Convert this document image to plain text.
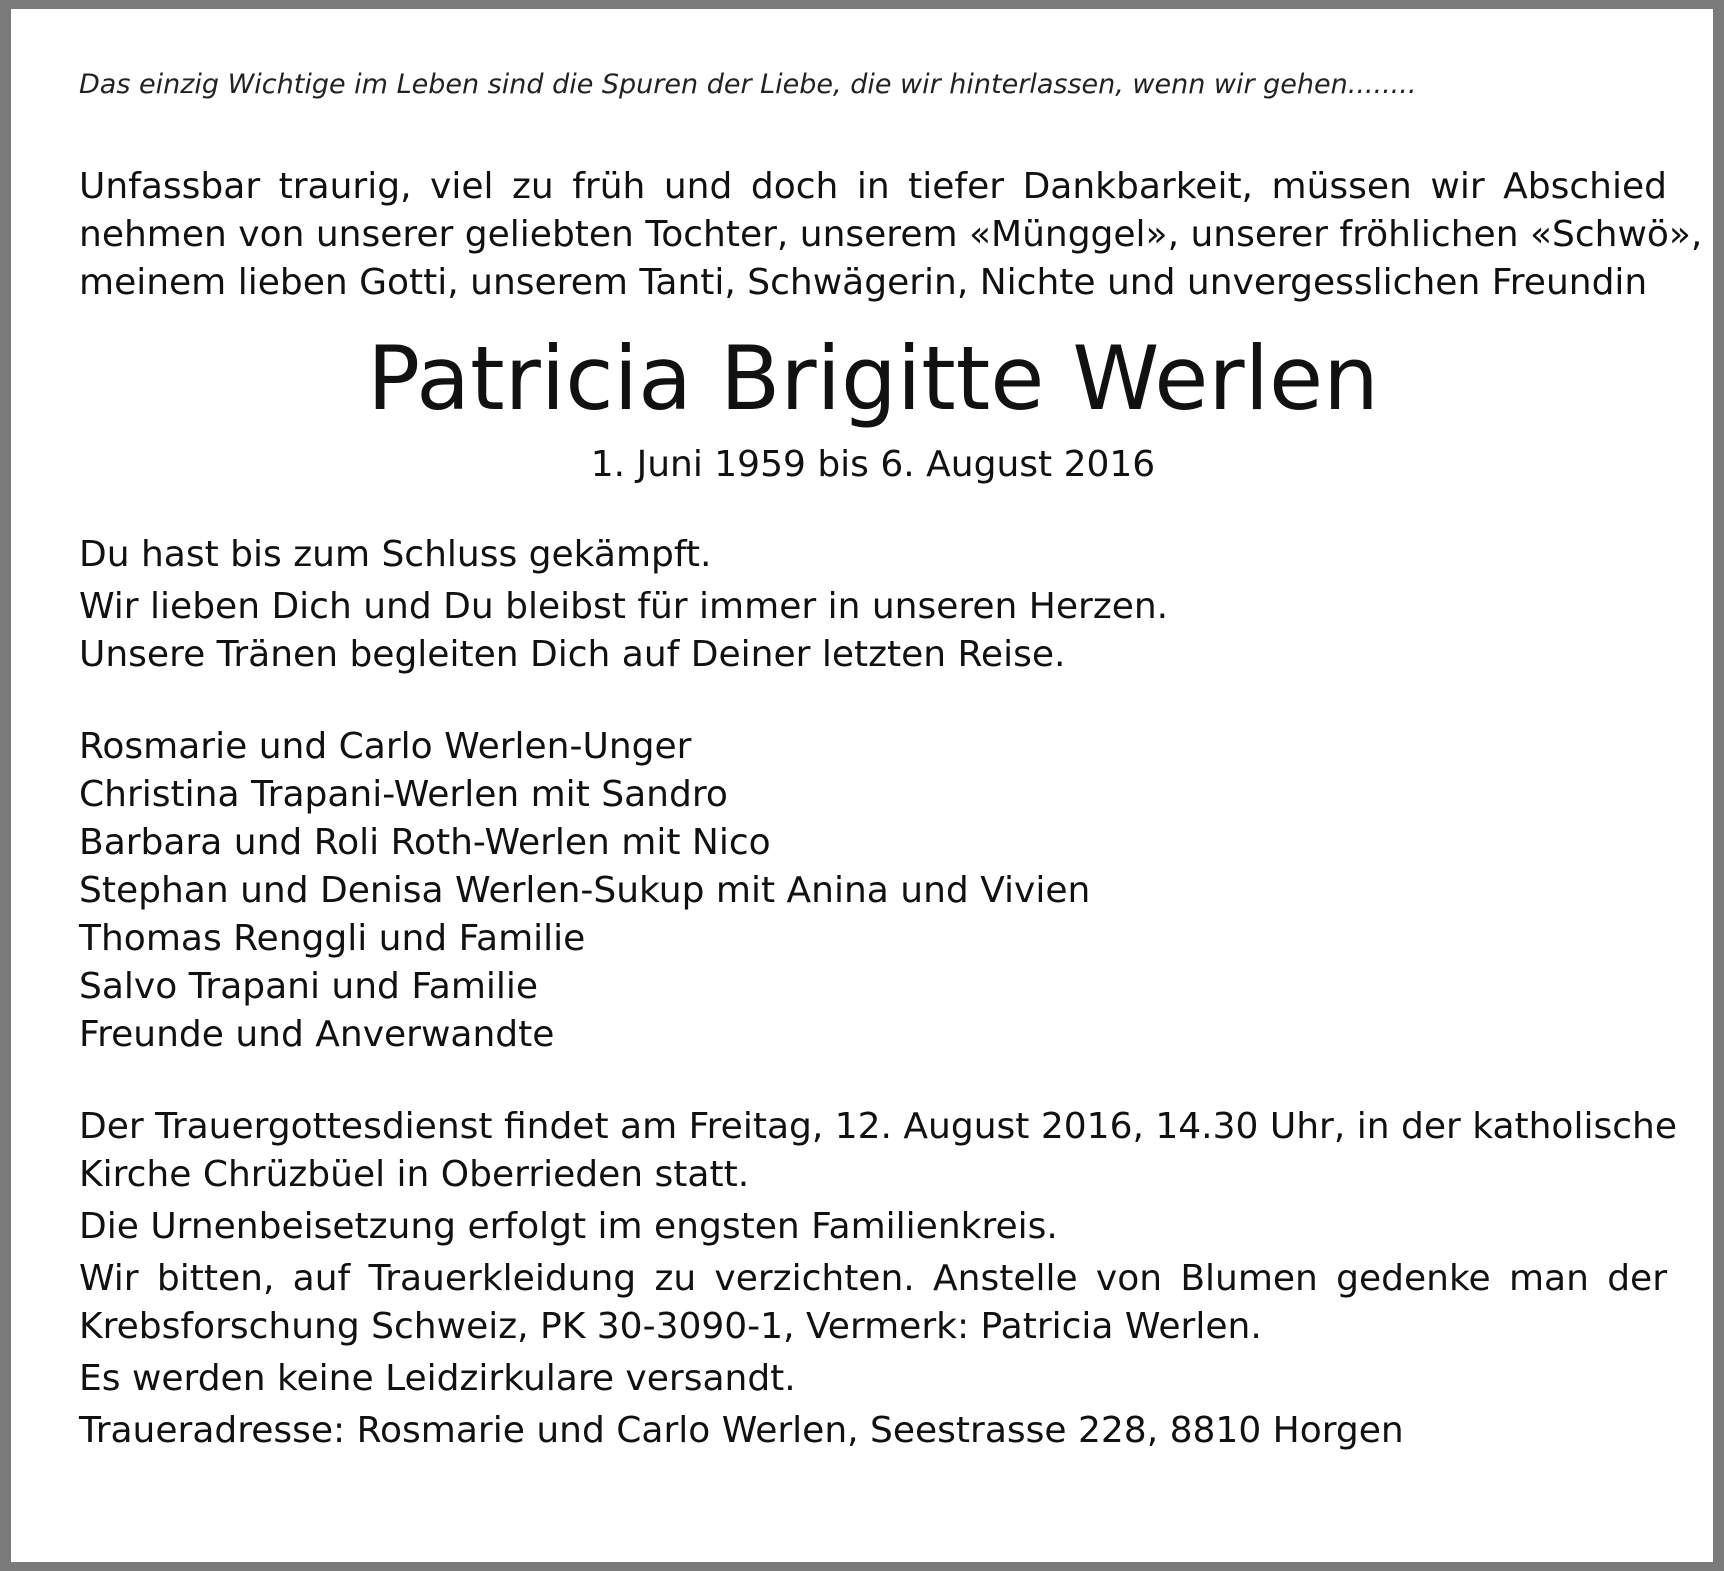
Das einzig Wichtige im Leben sind die Spuren der Liebe, die wir hinterlassen, wenn wir gehen........

Unfassbar traurig, viel zu früh und doch in tiefer Dankbarkeit, müssen wir Abschied
nehmen von unserer geliebten Tochter, unserem «Münggel», unserer fröhlichen «Schwö»,
meinem lieben Gotti, unserem Tanti, Schwägerin, Nichte und unvergesslichen Freundin
Patricia Brigitte Werlen

1. Juni 1959 bis 6. August 2016

Du hast bis zum Schluss gekämpft.

Wir lieben Dich und Du bleibst für immer in unseren Herzen.

Unsere Tränen begleiten Dich auf Deiner letzten Reise.

Rosmarie und Carlo Werlen-Unger

Christina Trapani-Werlen mit Sandro

Barbara und Roli Roth-Werlen mit Nico

Stephan und Denisa Werlen-Sukup mit Anina und Vivien

Thomas Renggli und Familie

Salvo Trapani und Familie

Freunde und Anverwandte

Der Trauergottesdienst findet am Freitag, 12. August 2016, 14.30 Uhr, in der katholische

Kirche Chrüzbüel in Oberrieden statt.

Die Urnenbeisetzung erfolgt im engsten Familienkreis.

Wir bitten, auf Trauerkleidung zu verzichten. Anstelle von Blumen gedenke man der

Krebsforschung Schweiz, PK 30-3090-1, Vermerk: Patricia Werlen.

Es werden keine Leidzirkulare versandt.

Traueradresse: Rosmarie und Carlo Werlen, Seestrasse 228, 8810 Horgen
